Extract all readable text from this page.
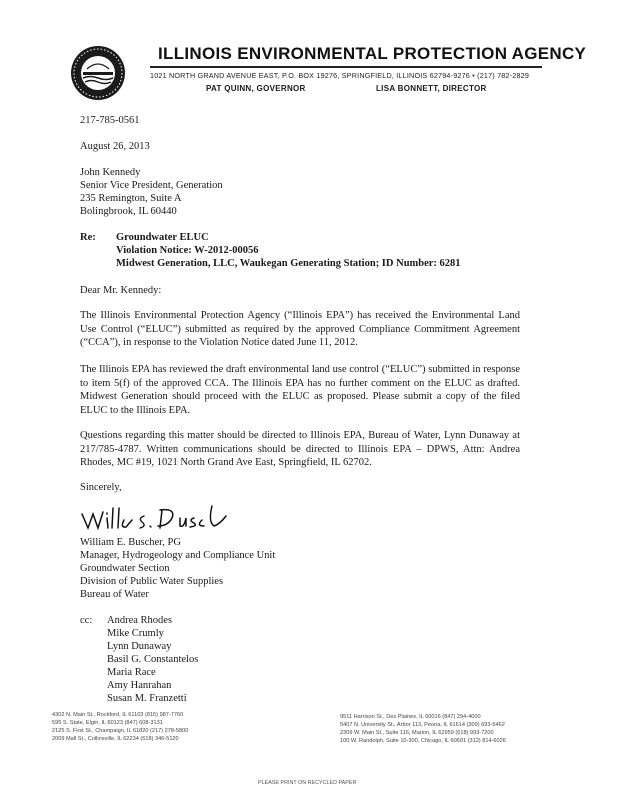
ILLINOIS ENVIRONMENTAL PROTECTION AGENCY
1021 NORTH GRAND AVENUE EAST, P.O. BOX 19276, SPRINGFIELD, ILLINOIS 62794-9276 • (217) 782-2829
PAT QUINN, GOVERNOR	LISA BONNETT, DIRECTOR
217-785-0561
August 26, 2013
John Kennedy
Senior Vice President, Generation
235 Remington, Suite A
Bolingbrook, IL 60440
Re: Groundwater ELUC
Violation Notice: W-2012-00056
Midwest Generation, LLC, Waukegan Generating Station; ID Number: 6281
Dear Mr. Kennedy:
The Illinois Environmental Protection Agency (“Illinois EPA”) has received the Environmental Land Use Control (“ELUC”) submitted as required by the approved Compliance Commitment Agreement (“CCA”), in response to the Violation Notice dated June 11, 2012.
The Illinois EPA has reviewed the draft environmental land use control (“ELUC”) submitted in response to item 5(f) of the approved CCA. The Illinois EPA has no further comment on the ELUC as drafted. Midwest Generation should proceed with the ELUC as proposed. Please submit a copy of the filed ELUC to the Illinois EPA.
Questions regarding this matter should be directed to Illinois EPA, Bureau of Water, Lynn Dunaway at 217/785-4787. Written communications should be directed to Illinois EPA – DPWS, Attn: Andrea Rhodes, MC #19, 1021 North Grand Ave East, Springfield, IL 62702.
Sincerely,
William E. Buscher, PG
Manager, Hydrogeology and Compliance Unit
Groundwater Section
Division of Public Water Supplies
Bureau of Water
cc: Andrea Rhodes
Mike Crumly
Lynn Dunaway
Basil G. Constantelos
Maria Race
Amy Hanrahan
Susan M. Franzetti
4302 N. Main St., Rockford, IL 61103 (815) 987-7760
595 S. State, Elgin, IL 60123 (847) 608-3131
2125 S. First St., Champaign, IL 61820 (217) 278-5800
2009 Mall St., Collinsville, IL 62234 (618) 346-5120
9511 Harrison St., Des Plaines, IL 60016 (847) 294-4000
5407 N. University St., Arbor 113, Peoria, IL 61614 (309) 693-5462
2309 W. Main St., Suite 116, Marion, IL 62959 (618) 993-7200
100 W. Randolph, Suite 10-300, Chicago, IL 60601 (312) 814-6026
PLEASE PRINT ON RECYCLED PAPER
